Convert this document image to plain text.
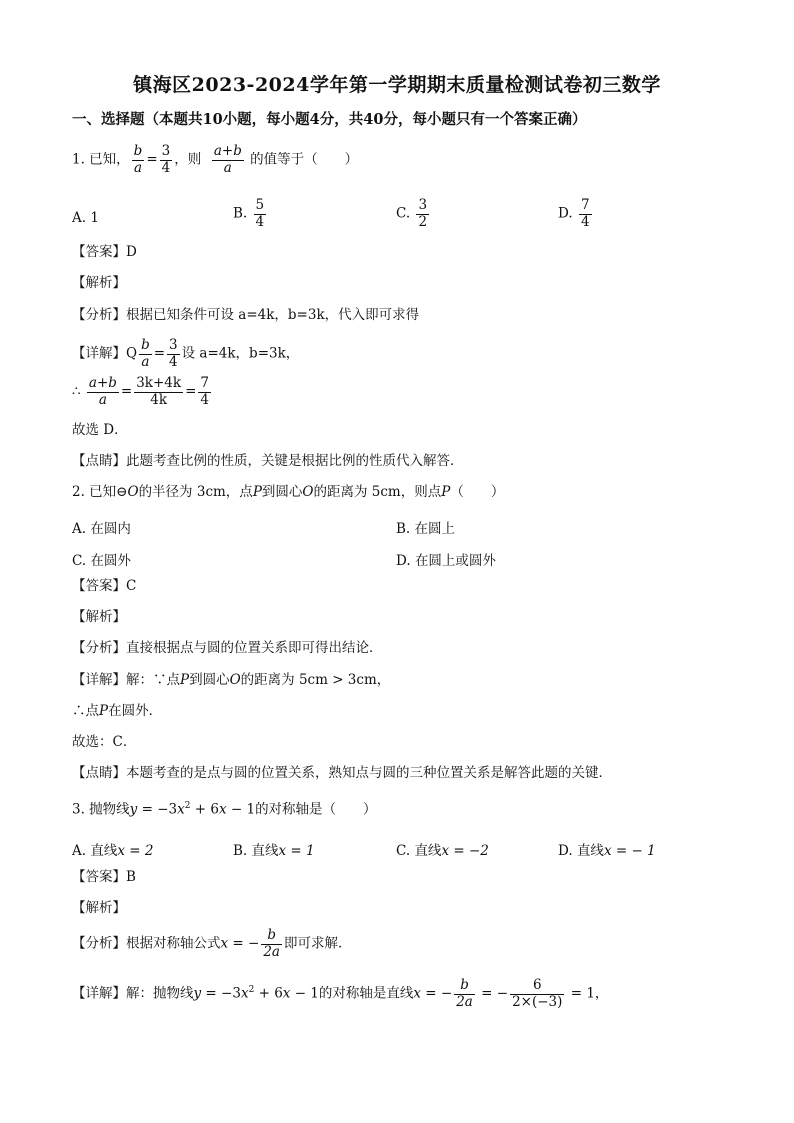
镇海区2023-2024学年第一学期期末质量检测试卷初三数学
一、选择题（本题共10小题，每小题4分，共40分，每小题只有一个答案正确）
1. 已知， $\frac{b}{a} = \frac{3}{4}$ ，则 $\frac{a+b}{a}$ 的值等于（　　）
A. 1	B. $\frac{5}{4}$	C. $\frac{3}{2}$	D. $\frac{7}{4}$
【答案】D
【解析】
【分析】根据已知条件可设 a=4k，b=3k，代入即可求得
【详解】Q $\frac{b}{a} = \frac{3}{4}$ 设 a=4k，b=3k，
∴ $\frac{a+b}{a} = \frac{3k+4k}{4k} = \frac{7}{4}$
故选 D．
【点睛】此题考查比例的性质，关键是根据比例的性质代入解答．
2. 已知⊖O的半径为 3cm，点P到圆心O的距离为 5cm，则点P（　　）
A. 在圆内	B. 在圆上
C. 在圆外	D. 在圆上或圆外
【答案】C
【解析】
【分析】直接根据点与圆的位置关系即可得出结论．
【详解】解：∵点P到圆心O的距离为 5cm > 3cm，
∴点P在圆外．
故选：C．
【点睛】本题考查的是点与圆的位置关系，熟知点与圆的三种位置关系是解答此题的关键．
3. 抛物线$y = -3x^2 + 6x - 1$的对称轴是（　　）
A. 直线x = 2	B. 直线x = 1	C. 直线x = −2	D. 直线x = − 1
【答案】B
【解析】
【分析】根据对称轴公式x = − $\frac{b}{2a}$ 即可求解．
【详解】解：抛物线$y = -3x^2 + 6x - 1$的对称轴是直线x = − $\frac{b}{2a}$ = − $\frac{6}{2\times(-3)} = 1$，
